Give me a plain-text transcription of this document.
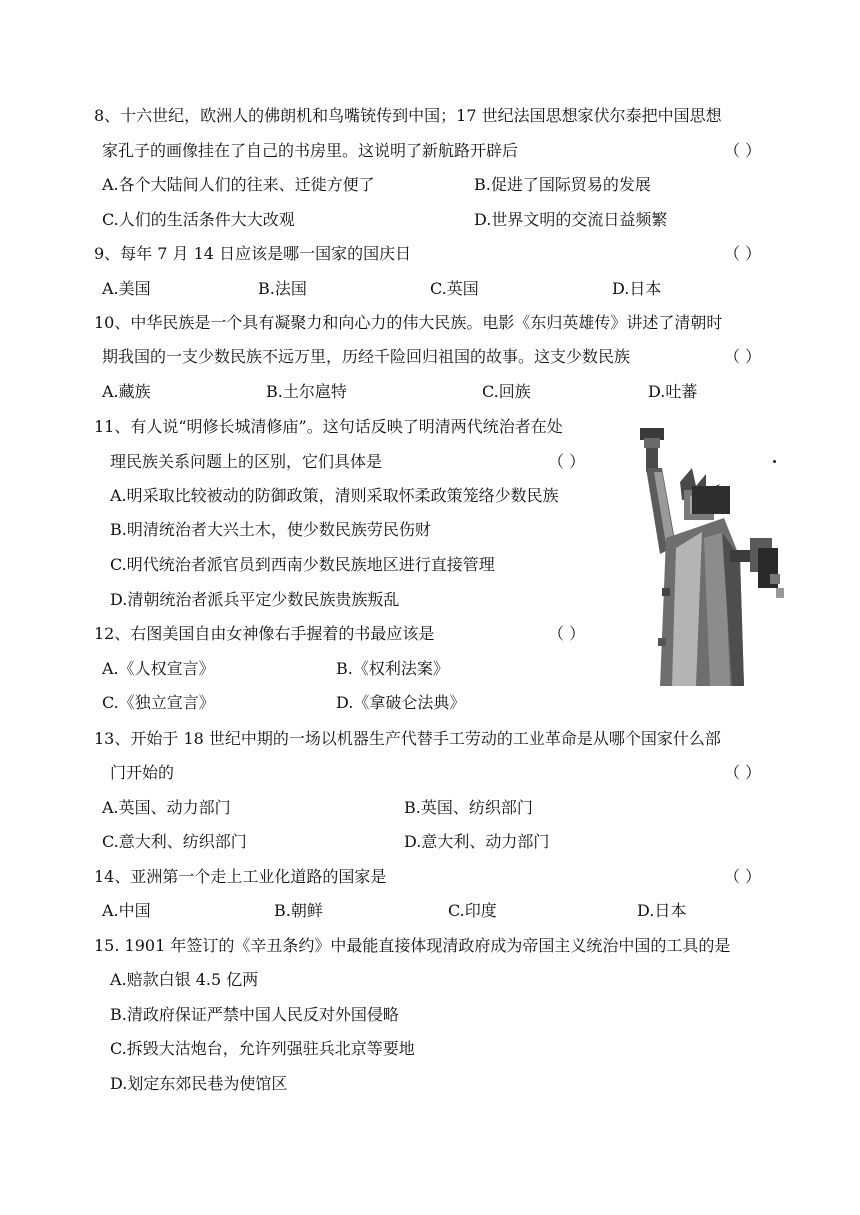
8、十六世纪，欧洲人的佛朗机和鸟嘴铳传到中国；17 世纪法国思想家伏尔泰把中国思想
家孔子的画像挂在了自己的书房里。这说明了新航路开辟后	（ ）
A.各个大陆间人们的往来、迁徙方便了	B.促进了国际贸易的发展
C.人们的生活条件大大改观	D.世界文明的交流日益频繁
9、每年 7 月 14 日应该是哪一国家的国庆日	（ ）
A.美国	B.法国	C.英国	D.日本
10、中华民族是一个具有凝聚力和向心力的伟大民族。电影《东归英雄传》讲述了清朝时
期我国的一支少数民族不远万里，历经千险回归祖国的故事。这支少数民族	（ ）
A.藏族	B.土尔扈特	C.回族	D.吐蕃
11、有人说“明修长城清修庙”。这句话反映了明清两代统治者在处
理民族关系问题上的区别，它们具体是	（ ）
A.明采取比较被动的防御政策，清则采取怀柔政策笼络少数民族
B.明清统治者大兴土木，使少数民族劳民伤财
C.明代统治者派官员到西南少数民族地区进行直接管理
D.清朝统治者派兵平定少数民族贵族叛乱
12、右图美国自由女神像右手握着的书最应该是	（ ）
A.《人权宣言》	B.《权利法案》
C.《独立宣言》	D.《拿破仑法典》
13、开始于 18 世纪中期的一场以机器生产代替手工劳动的工业革命是从哪个国家什么部
门开始的	（ ）
A.英国、动力部门	B.英国、纺织部门
C.意大利、纺织部门	D.意大利、动力部门
14、亚洲第一个走上工业化道路的国家是	（ ）
A.中国	B.朝鲜	C.印度	D.日本
15. 1901 年签订的《辛丑条约》中最能直接体现清政府成为帝国主义统治中国的工具的是
A.赔款白银 4.5 亿两
B.清政府保证严禁中国人民反对外国侵略
C.拆毁大沽炮台，允许列强驻兵北京等要地
D.划定东郊民巷为使馆区
